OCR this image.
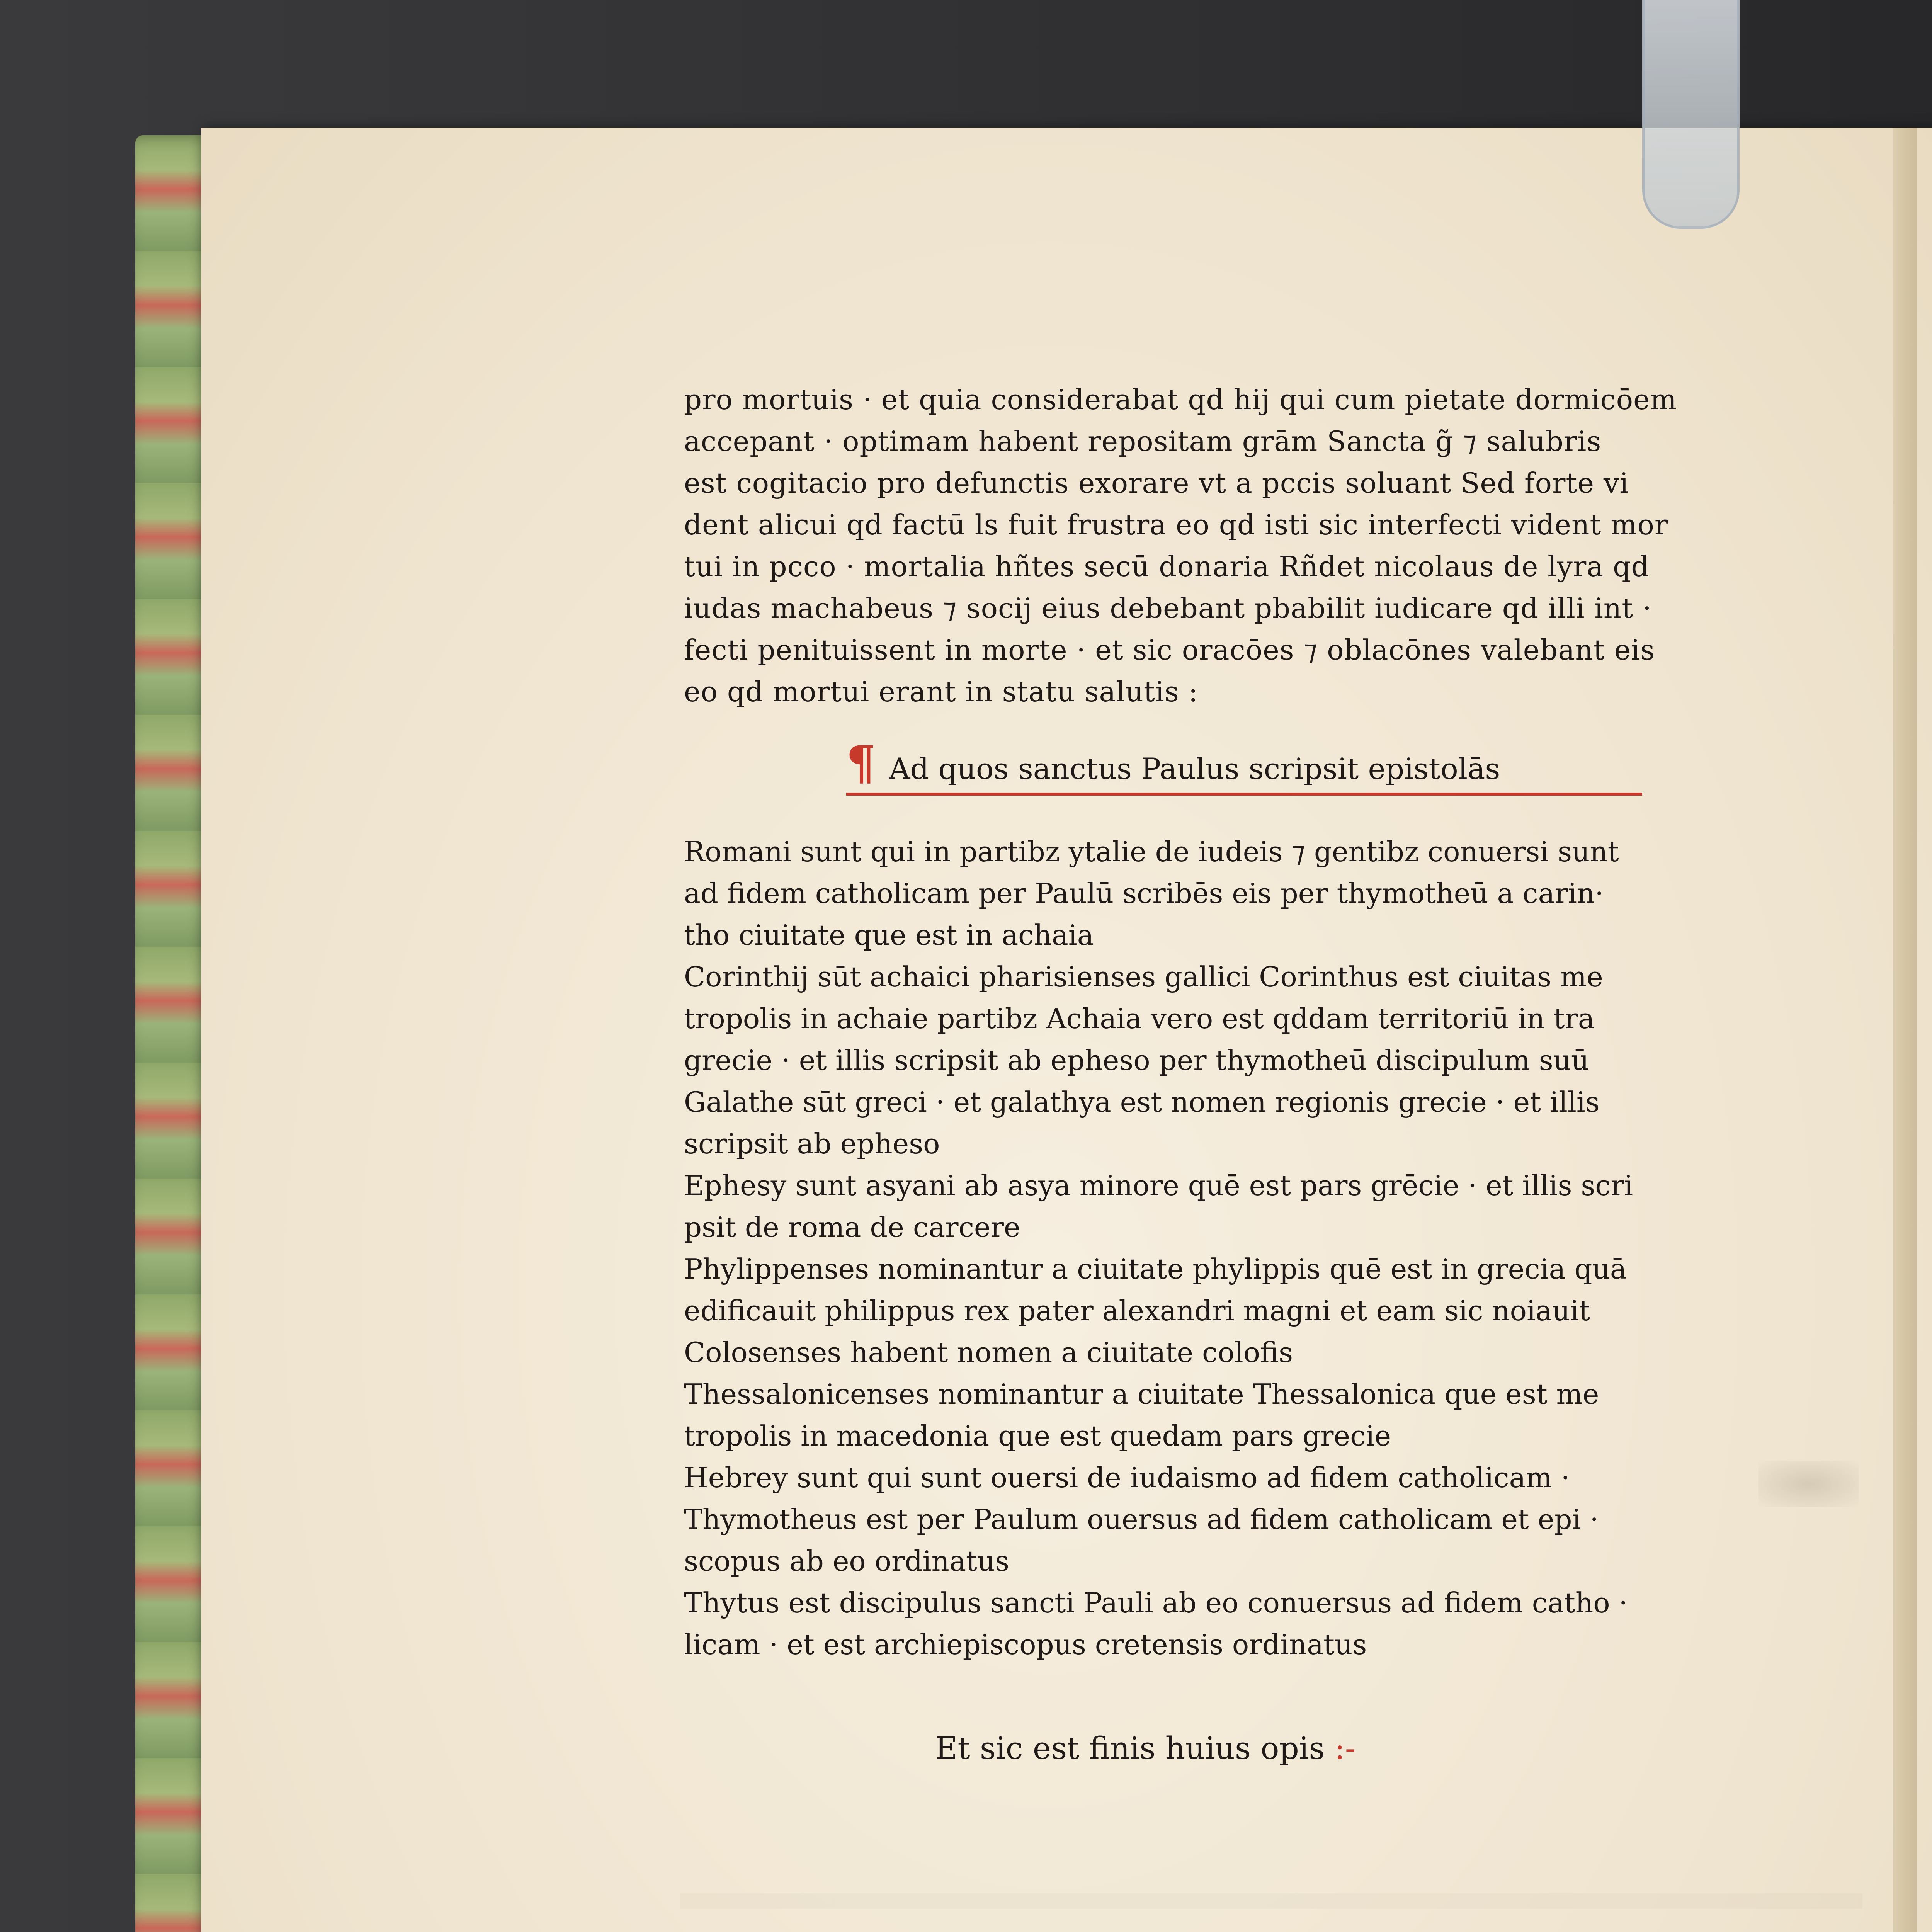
pro mortuis · et quia considerabat qd hij qui cum pietate dormicōem
accepant · optimam habent repositam grām Sancta g̃ ⁊ salubris
est cogitacio pro defunctis exorare vt a pccis soluant Sed forte vi
dent alicui qd factū ls fuit frustra eo qd isti sic interfecti vident mor
tui in pcco · mortalia hñtes secū donaria Rñdet nicolaus de lyra qd
iudas machabeus ⁊ socij eius debebant pbabilit iudicare qd illi int ·
fecti penituissent in morte · et sic oracōes ⁊ oblacōnes valebant eis
eo qd mortui erant in statu salutis :
¶ Ad quos sanctus Paulus scripsit epistolās
Romani sunt qui in partibz ytalie de iudeis ⁊ gentibz conuersi sunt
ad fidem catholicam per Paulū scribēs eis per thymotheū a carin·
tho ciuitate que est in achaia
Corinthij sūt achaici pharisienses gallici Corinthus est ciuitas me
tropolis in achaie partibz Achaia vero est qddam territoriū in tra
grecie · et illis scripsit ab epheso per thymotheū discipulum suū
Galathe sūt greci · et galathya est nomen regionis grecie · et illis
scripsit ab epheso
Ephesy sunt asyani ab asya minore quē est pars grēcie · et illis scri
psit de roma de carcere
Phylippenses nominantur a ciuitate phylippis quē est in grecia quā
edificauit philippus rex pater alexandri magni et eam sic noiauit
Colosenses habent nomen a ciuitate colofis
Thessalonicenses nominantur a ciuitate Thessalonica que est me
tropolis in macedonia que est quedam pars grecie
Hebrey sunt qui sunt ouersi de iudaismo ad fidem catholicam ·
Thymotheus est per Paulum ouersus ad fidem catholicam et epi ·
scopus ab eo ordinatus
Thytus est discipulus sancti Pauli ab eo conuersus ad fidem catho ·
licam · et est archiepiscopus cretensis ordinatus
Et sic est finis huius opis :-
